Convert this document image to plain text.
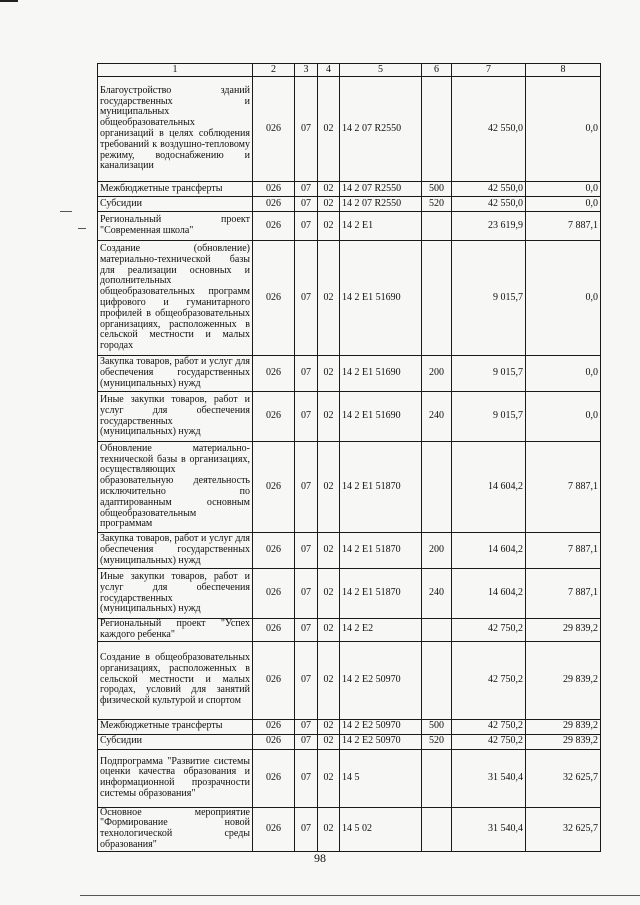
1	2	3	4	5	6	7	8
Благоустройство зданий государственных и муниципальных общеобразовательных организаций в целях соблюдения требований к воздушно-тепловому режиму, водоснабжению и канализации	026	07	02	14 2 07 R2550		42 550,0	0,0
Межбюджетные трансферты	026	07	02	14 2 07 R2550	500	42 550,0	0,0
Субсидии	026	07	02	14 2 07 R2550	520	42 550,0	0,0
Региональный проект "Современная школа"	026	07	02	14 2 E1		23 619,9	7 887,1
Создание (обновление) материально-технической базы для реализации основных и дополнительных общеобразовательных программ цифрового и гуманитарного профилей в общеобразовательных организациях, расположенных в сельской местности и малых городах	026	07	02	14 2 E1 51690		9 015,7	0,0
Закупка товаров, работ и услуг для обеспечения государственных (муниципальных) нужд	026	07	02	14 2 E1 51690	200	9 015,7	0,0
Иные закупки товаров, работ и услуг для обеспечения государственных (муниципальных) нужд	026	07	02	14 2 E1 51690	240	9 015,7	0,0
Обновление материально-технической базы в организациях, осуществляющих образовательную деятельность исключительно по адаптированным основным общеобразовательным программам	026	07	02	14 2 E1 51870		14 604,2	7 887,1
Закупка товаров, работ и услуг для обеспечения государственных (муниципальных) нужд	026	07	02	14 2 E1 51870	200	14 604,2	7 887,1
Иные закупки товаров, работ и услуг для обеспечения государственных (муниципальных) нужд	026	07	02	14 2 E1 51870	240	14 604,2	7 887,1
Региональный проект "Успех каждого ребенка"	026	07	02	14 2 E2		42 750,2	29 839,2
Создание в общеобразовательных организациях, расположенных в сельской местности и малых городах, условий для занятий физической культурой и спортом	026	07	02	14 2 E2 50970		42 750,2	29 839,2
Межбюджетные трансферты	026	07	02	14 2 E2 50970	500	42 750,2	29 839,2
Субсидии	026	07	02	14 2 E2 50970	520	42 750,2	29 839,2
Подпрограмма "Развитие системы оценки качества образования и информационной прозрачности системы образования"	026	07	02	14 5		31 540,4	32 625,7
Основное мероприятие "Формирование новой технологической среды образования"	026	07	02	14 5 02		31 540,4	32 625,7
98
